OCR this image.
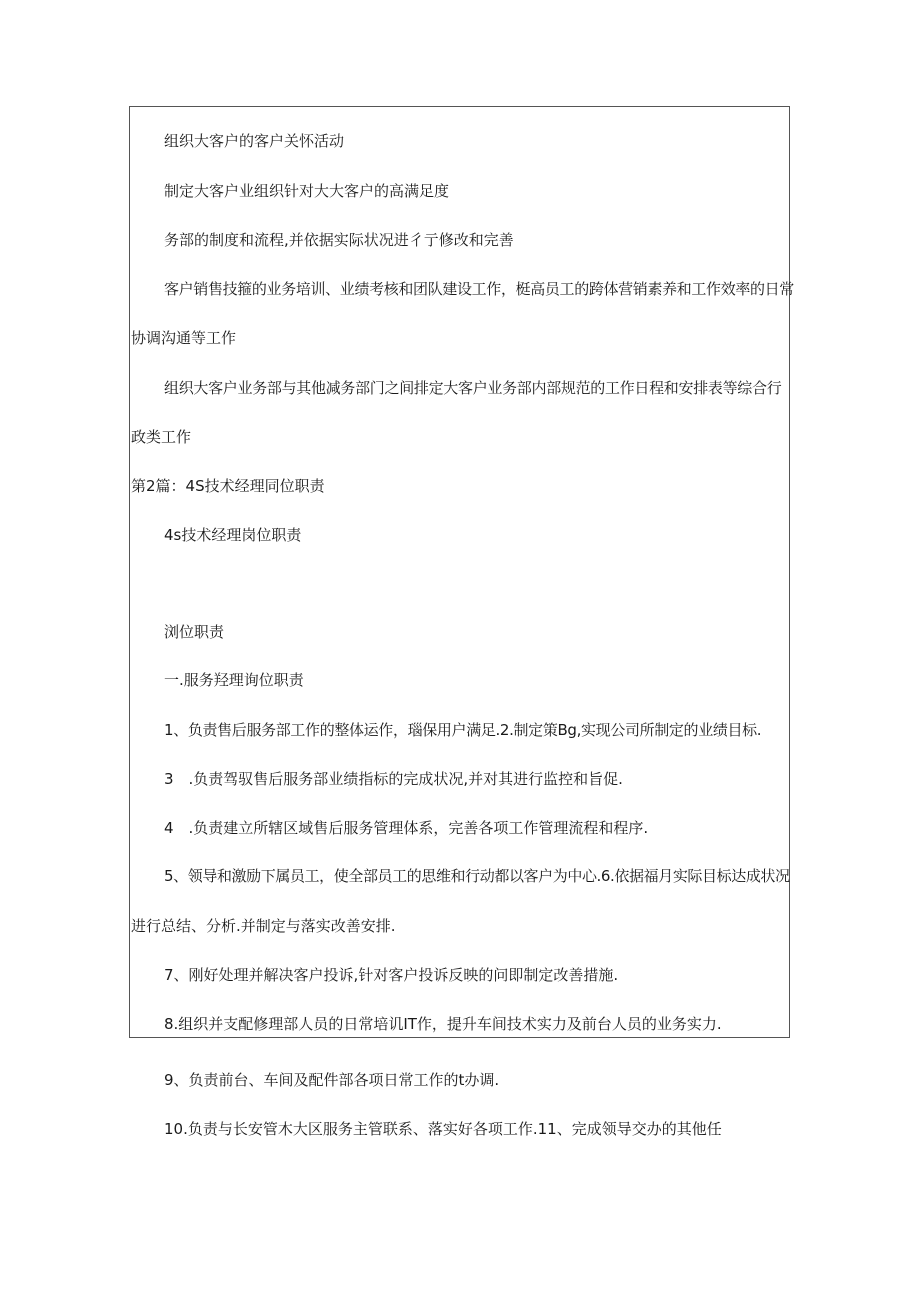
组织大客户的客户关怀活动
制定大客户业组织针对大大客户的高满足度
务部的制度和流程,并依据实际状况进彳亍修改和完善
客户销售技箍的业务培训、业绩考核和团队建设工作，梃高员工的跨体营销素养和工作效率的日常
协调沟通等工作
组织大客户业务部与其他减务部门之间排定大客户业务部内部规范的工作日程和安排表等综合行
政类工作
第2篇：4S技术经理同位职责
4s技术经理岗位职责
浏位职责
一.服务羟理询位职责
1、负责售后服务部工作的整体运作，瑙保用户满足.2.制定策Bg,实现公司所制定的业绩目标.
3　.负责驾驭售后服务部业绩指标的完成状况,并对其进行监控和旨促.
4　.负责建立所辖区域售后服务管理体系，完善各项工作管理流程和程序.
5、领导和激励下属员工，使全部员工的思维和行动都以客户为中心.6.依据福月实际目标达成状况
进行总结、分析.并制定与落实改善安排.
7、刚好处理并解决客户投诉,针对客户投诉反映的问即制定改善措施.
8.组织并支配修理部人员的日常培讥IT作，提升车间技术实力及前台人员的业务实力.
9、负责前台、车间及配件部各项日常工作的t办调.
10.负责与长安管木大区服务主管联系、落实好各项工作.11、完成领导交办的其他任
